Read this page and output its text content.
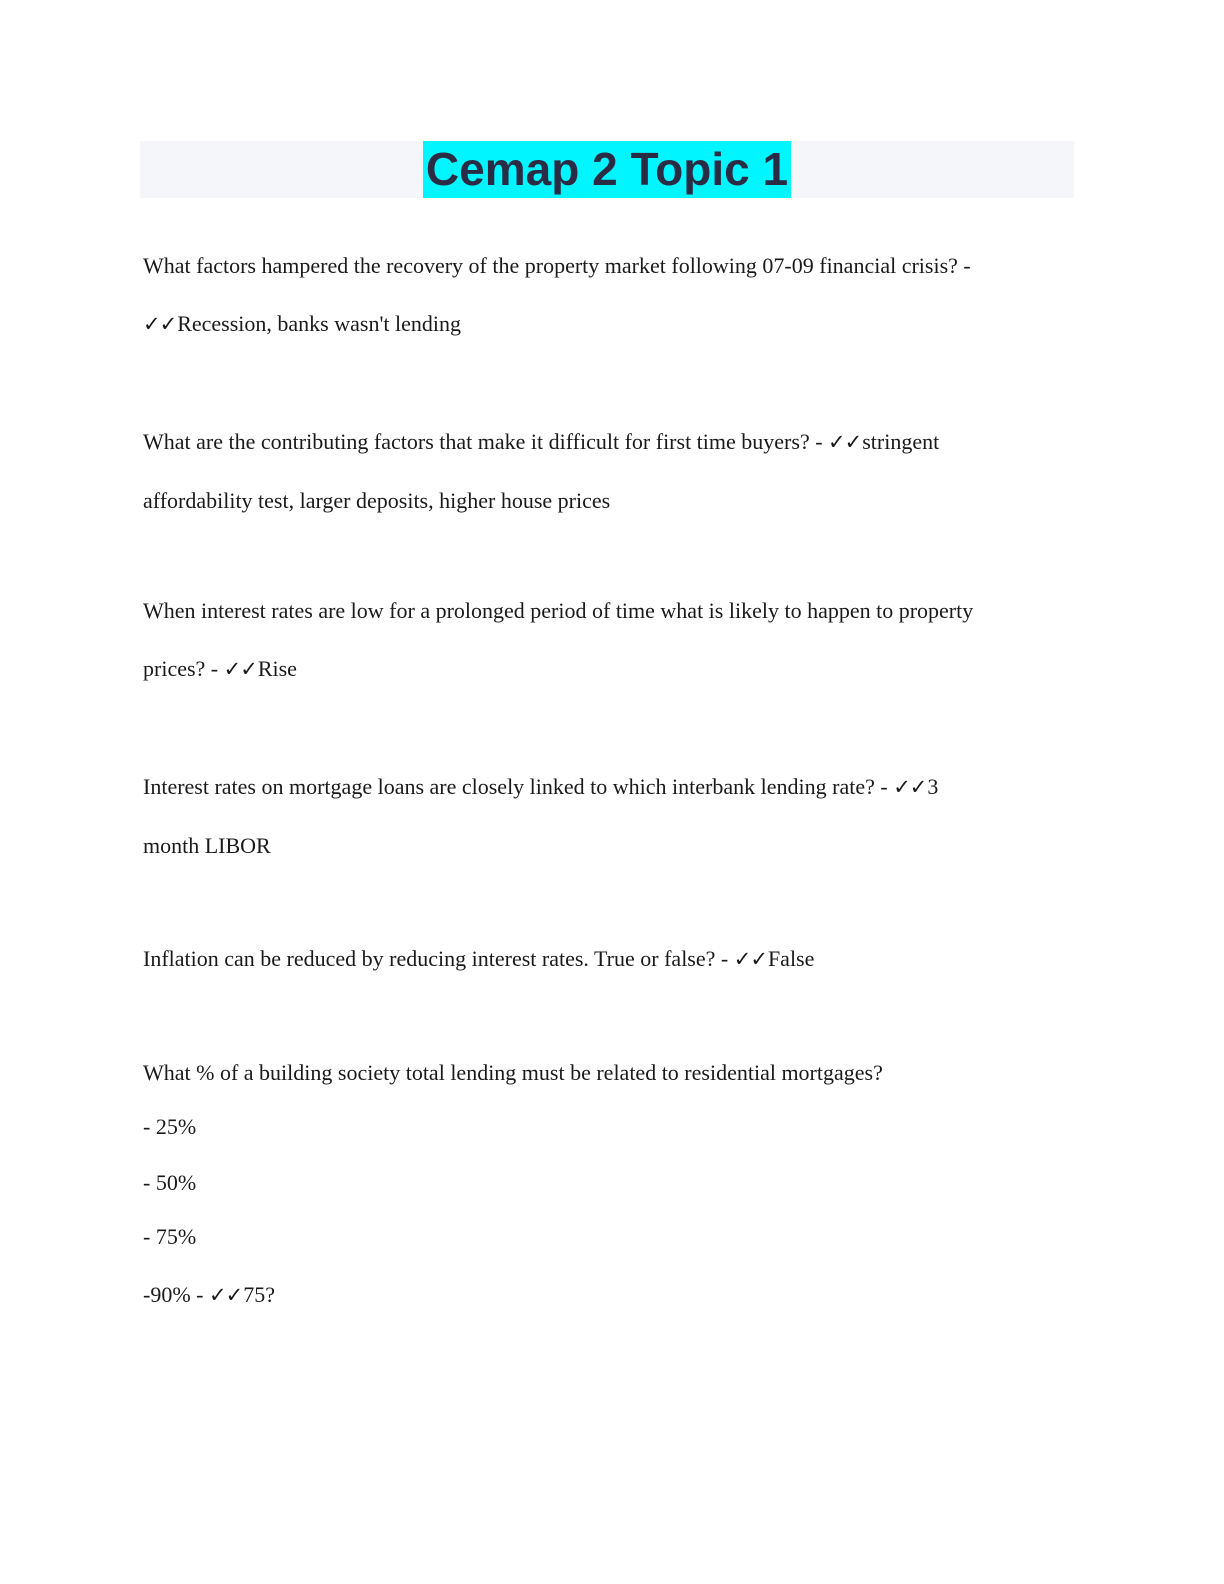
Cemap 2 Topic 1
What factors hampered the recovery of the property market following 07-09 financial crisis? -
✓✓Recession, banks wasn't lending
What are the contributing factors that make it difficult for first time buyers? - ✓✓stringent
affordability test, larger deposits, higher house prices
When interest rates are low for a prolonged period of time what is likely to happen to property
prices? - ✓✓Rise
Interest rates on mortgage loans are closely linked to which interbank lending rate? - ✓✓3
month LIBOR
Inflation can be reduced by reducing interest rates. True or false? - ✓✓False
What % of a building society total lending must be related to residential mortgages?
- 25%
- 50%
- 75%
-90% - ✓✓75?
